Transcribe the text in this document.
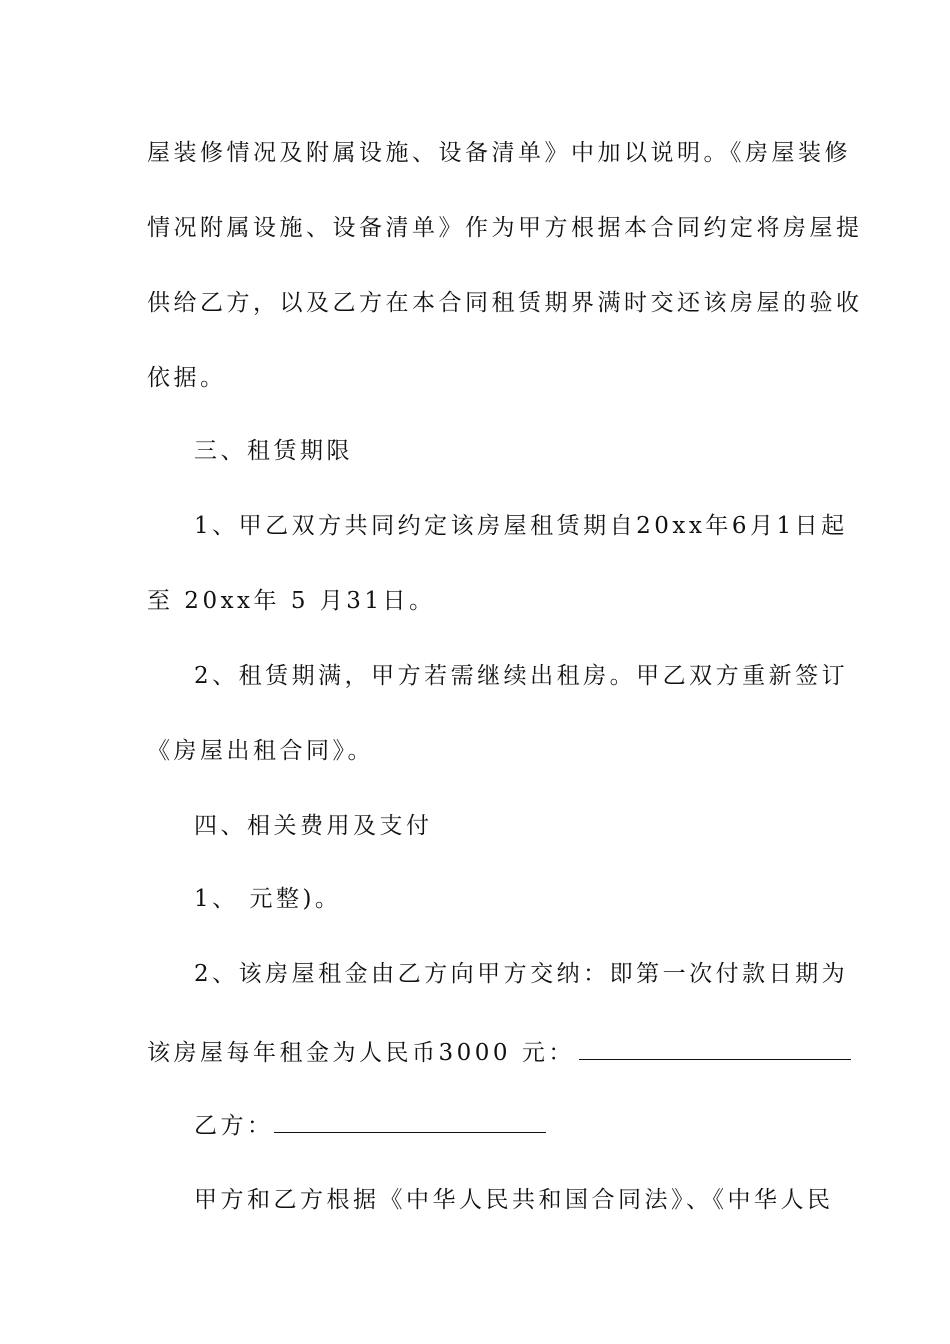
屋装修情况及附属设施、设备清单》中加以说明。《房屋装修
情况附属设施、设备清单》作为甲方根据本合同约定将房屋提
供给乙方，以及乙方在本合同租赁期界满时交还该房屋的验收
依据。
三、租赁期限
1、甲乙双方共同约定该房屋租赁期自20xx年6月1日起
至 20xx年 5 月31日。
2、租赁期满，甲方若需继续出租房。甲乙双方重新签订
《房屋出租合同》。
四、相关费用及支付
1、 元整)。
2、该房屋租金由乙方向甲方交纳：即第一次付款日期为
该房屋每年租金为人民币3000 元：
乙方：
甲方和乙方根据《中华人民共和国合同法》、《中华人民
